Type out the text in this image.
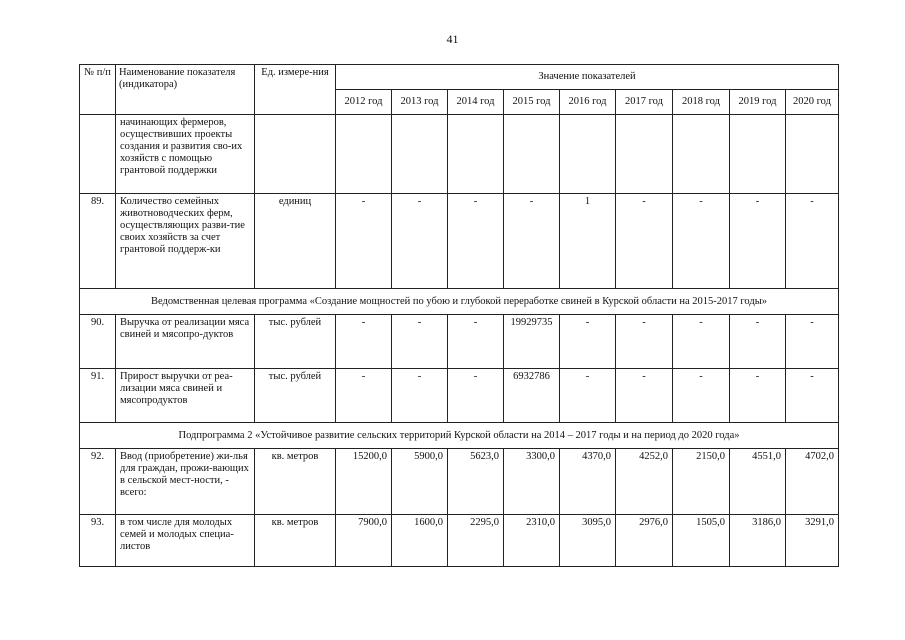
41
№ п/п	Наименование показателя (индикатора)	Ед. измере-ния	Значение показателей								
			2012 год	2013 год	2014 год	2015 год	2016 год	2017 год	2018 год	2019 год	2020 год
	начинающих фермеров, осуществивших проекты создания и развития сво-их хозяйств с помощью грантовой поддержки										
89.	Количество семейных животноводческих ферм, осуществляющих разви-тие своих хозяйств за счет грантовой поддерж-ки	единиц	-	-	-	-	1	-	-	-	-
Ведомственная целевая программа «Создание мощностей по убою и глубокой переработке свиней в Курской области на 2015-2017 годы»											
90.	Выручка от реализации мяса свиней и мясопро-дуктов	тыс. рублей	-	-	-	19929735	-	-	-	-	-
91.	Прирост выручки от реа-лизации мяса свиней и мясопродуктов	тыс. рублей	-	-	-	6932786	-	-	-	-	-
Подпрограмма 2 «Устойчивое развитие сельских территорий Курской области на 2014 – 2017 годы и на период до 2020 года»											
92.	Ввод (приобретение) жи-лья для граждан, прожи-вающих в сельской мест-ности, - всего:	кв. метров	15200,0	5900,0	5623,0	3300,0	4370,0	4252,0	2150,0	4551,0	4702,0
93.	в том числе для молодых семей и молодых специа-листов	кв. метров	7900,0	1600,0	2295,0	2310,0	3095,0	2976,0	1505,0	3186,0	3291,0
